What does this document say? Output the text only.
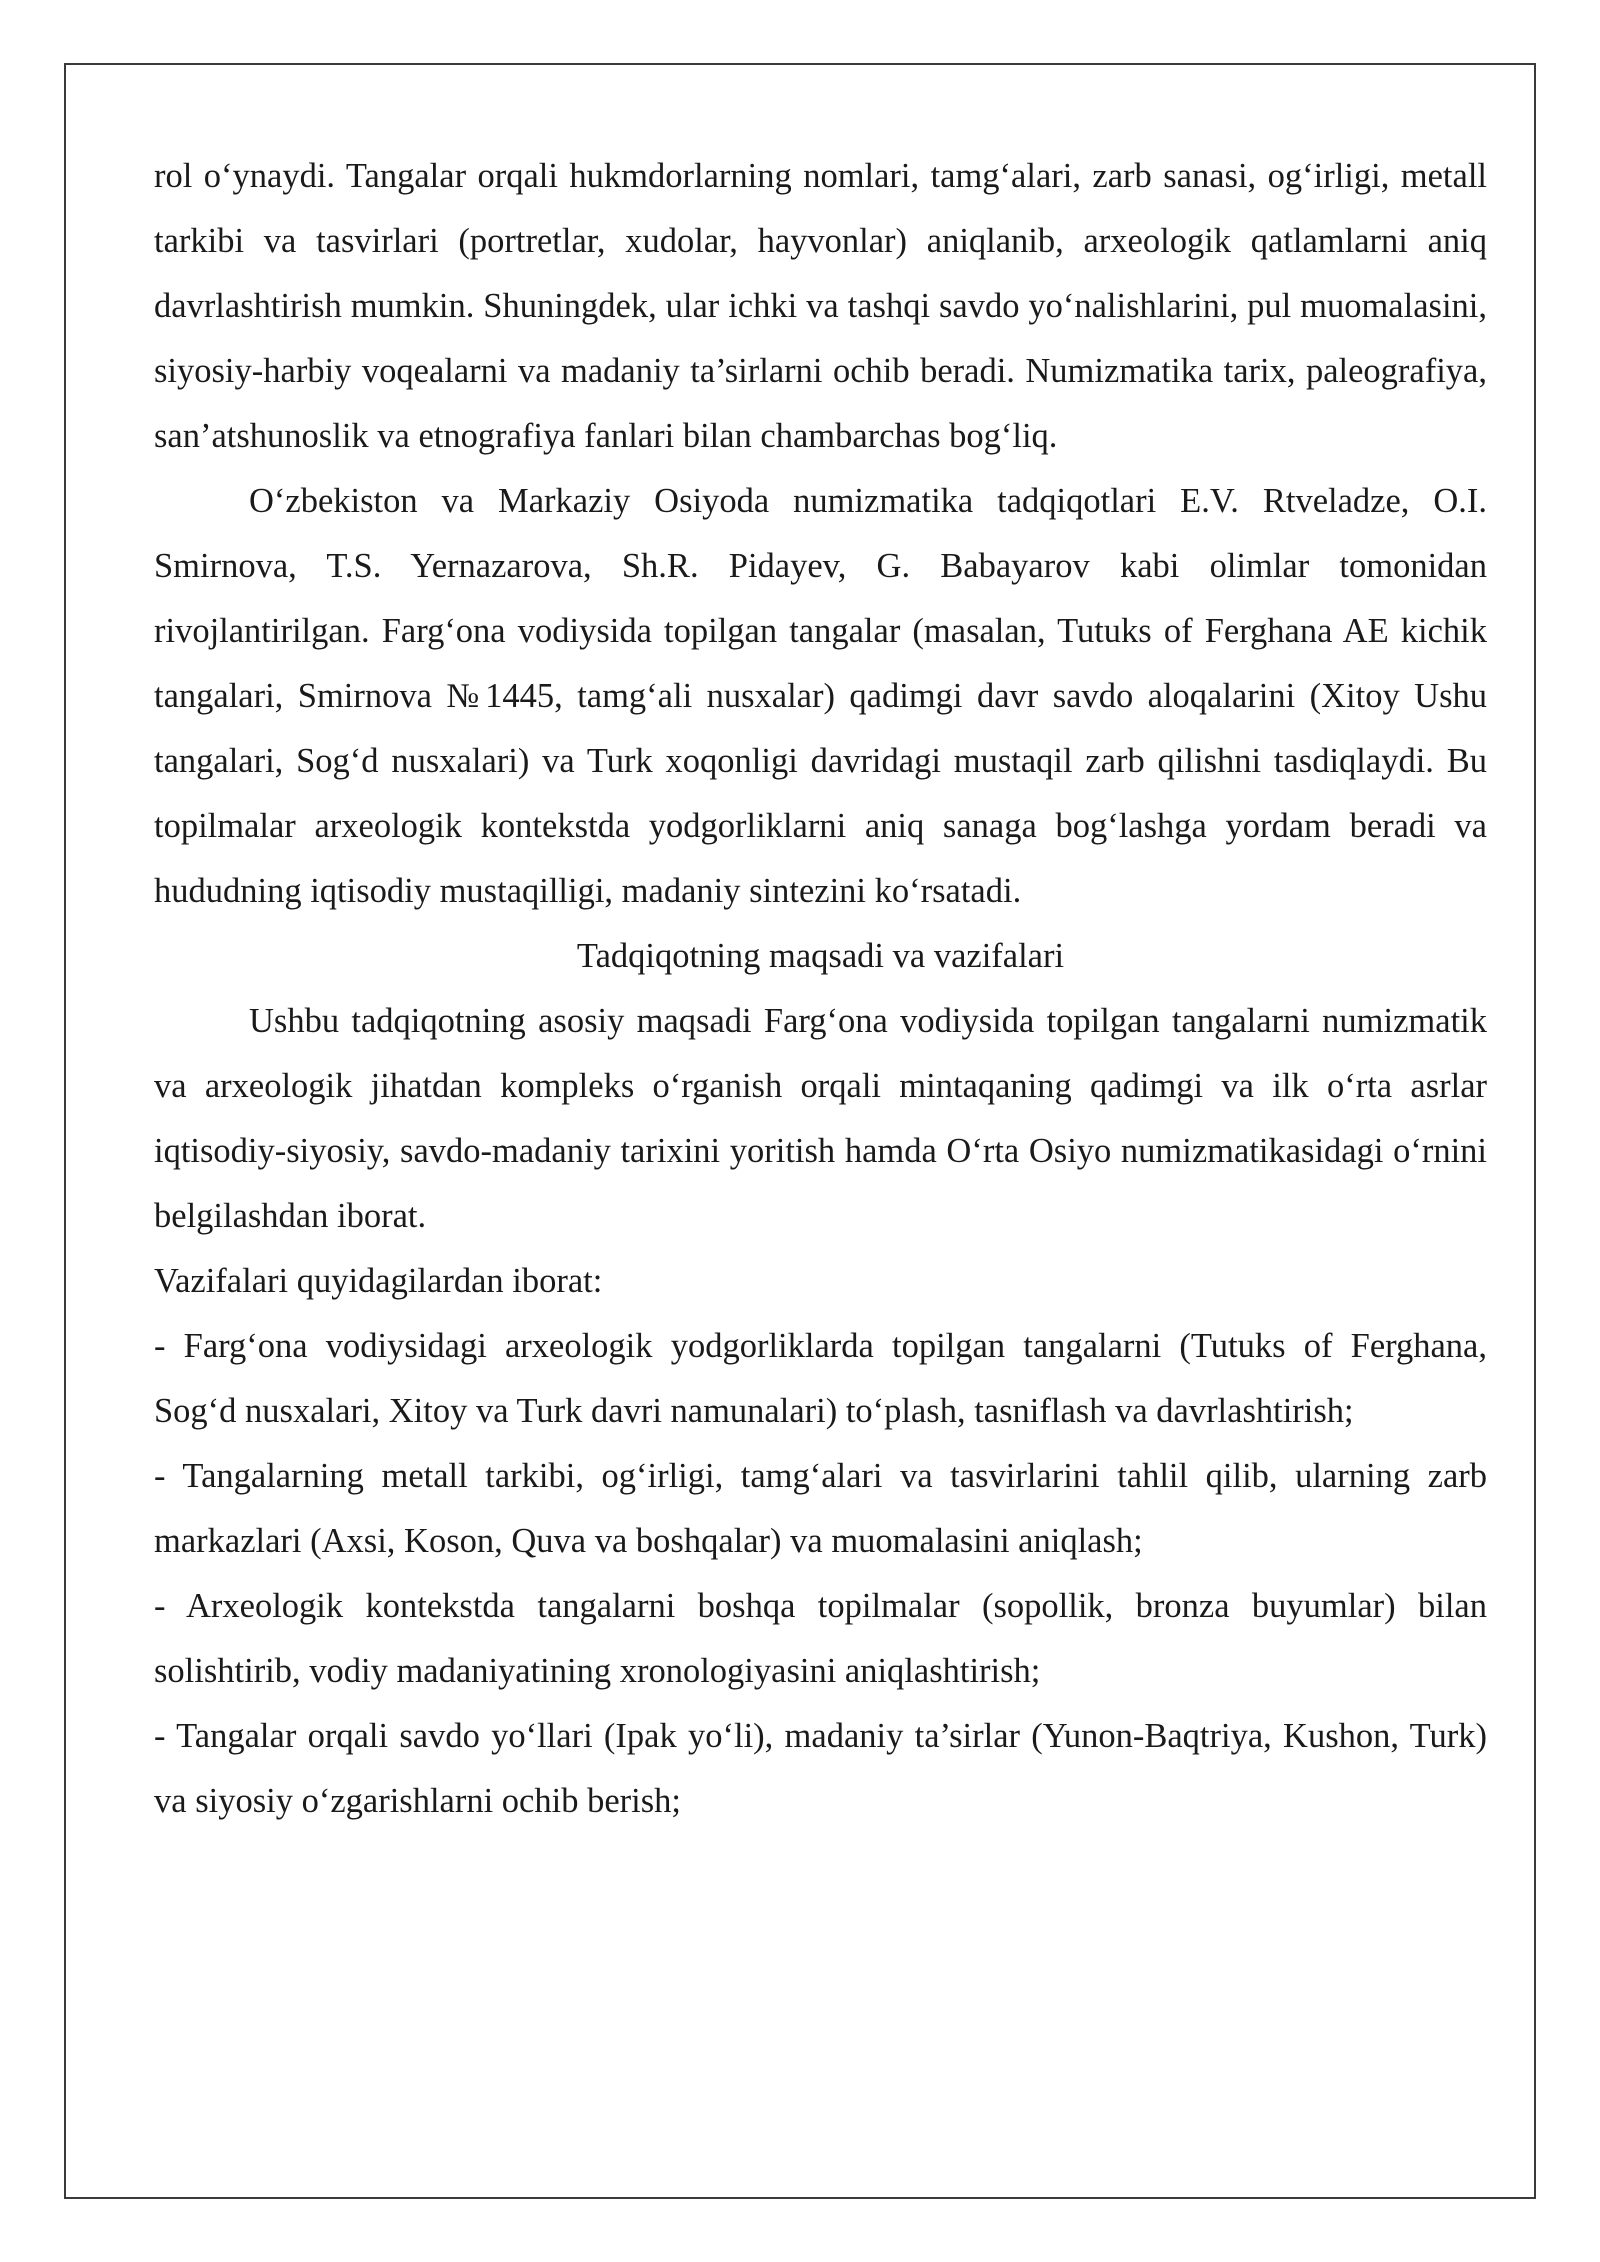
rol o‘ynaydi. Tangalar orqali hukmdorlarning nomlari, tamg‘alari, zarb sanasi, og‘irligi, metall tarkibi va tasvirlari (portretlar, xudolar, hayvonlar) aniqlanib, arxeologik qatlamlarni aniq davrlashtirish mumkin. Shuningdek, ular ichki va tashqi savdo yo‘nalishlarini, pul muomalasini, siyosiy-harbiy voqealarni va madaniy ta’sirlarni ochib beradi. Numizmatika tarix, paleografiya, san’atshunoslik va etnografiya fanlari bilan chambarchas bog‘liq.

O‘zbekiston va Markaziy Osiyoda numizmatika tadqiqotlari E.V. Rtveladze, O.I. Smirnova, T.S. Yernazarova, Sh.R. Pidayev, G. Babayarov kabi olimlar tomonidan rivojlantirilgan. Farg‘ona vodiysida topilgan tangalar (masalan, Tutuks of Ferghana AE kichik tangalari, Smirnova №1445, tamg‘ali nusxalar) qadimgi davr savdo aloqalarini (Xitoy Ushu tangalari, Sog‘d nusxalari) va Turk xoqonligi davridagi mustaqil zarb qilishni tasdiqlaydi. Bu topilmalar arxeologik kontekstda yodgorliklarni aniq sanaga bog‘lashga yordam beradi va hududning iqtisodiy mustaqilligi, madaniy sintezini ko‘rsatadi.

Tadqiqotning maqsadi va vazifalari

Ushbu tadqiqotning asosiy maqsadi Farg‘ona vodiysida topilgan tangalarni numizmatik va arxeologik jihatdan kompleks o‘rganish orqali mintaqaning qadimgi va ilk o‘rta asrlar iqtisodiy-siyosiy, savdo-madaniy tarixini yoritish hamda O‘rta Osiyo numizmatikasidagi o‘rnini belgilashdan iborat.

Vazifalari quyidagilardan iborat:

- Farg‘ona vodiysidagi arxeologik yodgorliklarda topilgan tangalarni (Tutuks of Ferghana, Sog‘d nusxalari, Xitoy va Turk davri namunalari) to‘plash, tasniflash va davrlashtirish;

- Tangalarning metall tarkibi, og‘irligi, tamg‘alari va tasvirlarini tahlil qilib, ularning zarb markazlari (Axsi, Koson, Quva va boshqalar) va muomalasini aniqlash;

- Arxeologik kontekstda tangalarni boshqa topilmalar (sopollik, bronza buyumlar) bilan solishtirib, vodiy madaniyatining xronologiyasini aniqlashtirish;

- Tangalar orqali savdo yo‘llari (Ipak yo‘li), madaniy ta’sirlar (Yunon-Baqtriya, Kushon, Turk) va siyosiy o‘zgarishlarni ochib berish;
